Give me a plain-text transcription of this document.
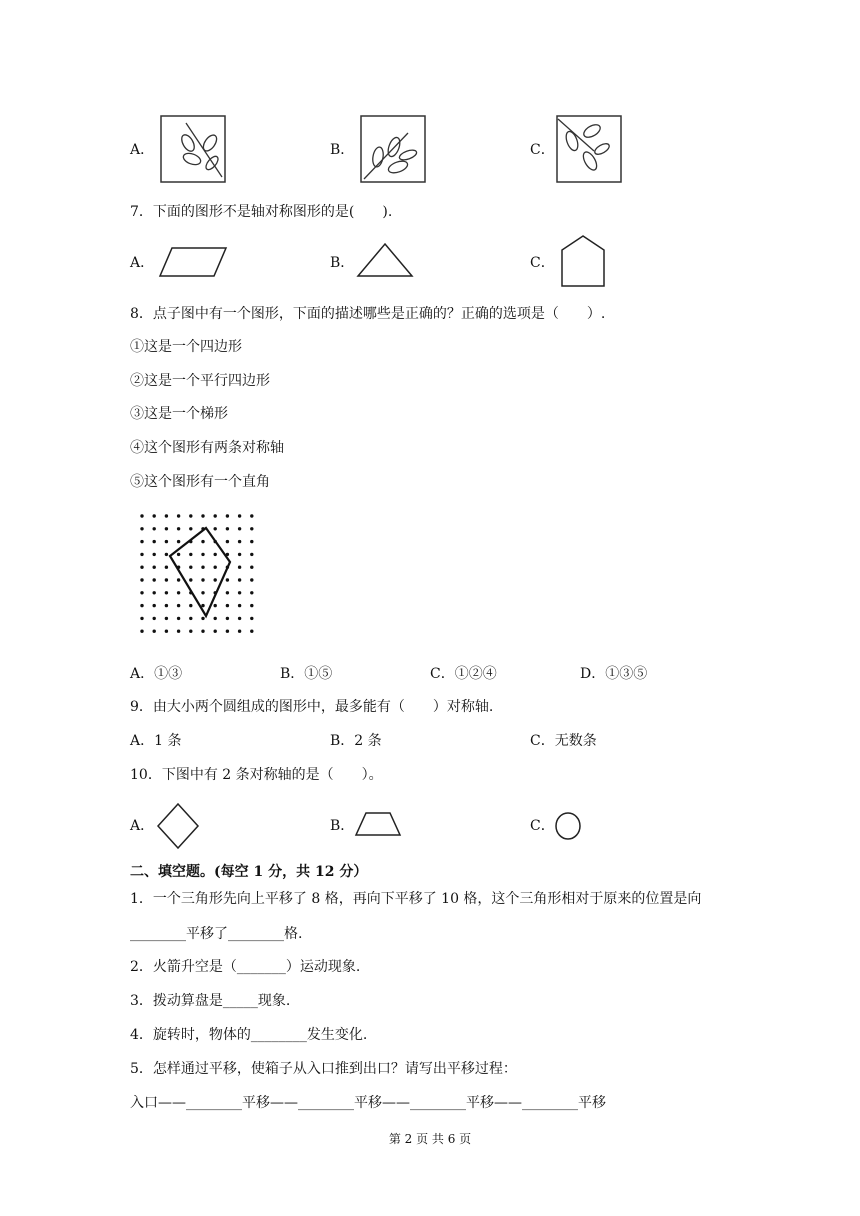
A．	B．	C．
7．下面的图形不是轴对称图形的是(　　).
A．	B．	C．
8．点子图中有一个图形，下面的描述哪些是正确的？正确的选项是（　　）.
①这是一个四边形
②这是一个平行四边形
③这是一个梯形
④这个图形有两条对称轴
⑤这个图形有一个直角
A．①③	B．①⑤	C．①②④	D．①③⑤
9．由大小两个圆组成的图形中，最多能有（　　）对称轴.
A．1 条	B．2 条	C．无数条
10．下图中有 2 条对称轴的是（　　）。
A．	B．	C．
二、填空题。(每空 1 分，共 12 分）
1．一个三角形先向上平移了 8 格，再向下平移了 10 格，这个三角形相对于原来的位置是向
________平移了________格.
2．火箭升空是（_______）运动现象.
3．拨动算盘是_____现象.
4．旋转时，物体的________发生变化.
5．怎样通过平移，使箱子从入口推到出口？请写出平移过程：
入口——________平移——________平移——________平移——________平移
第 2 页 共 6 页
